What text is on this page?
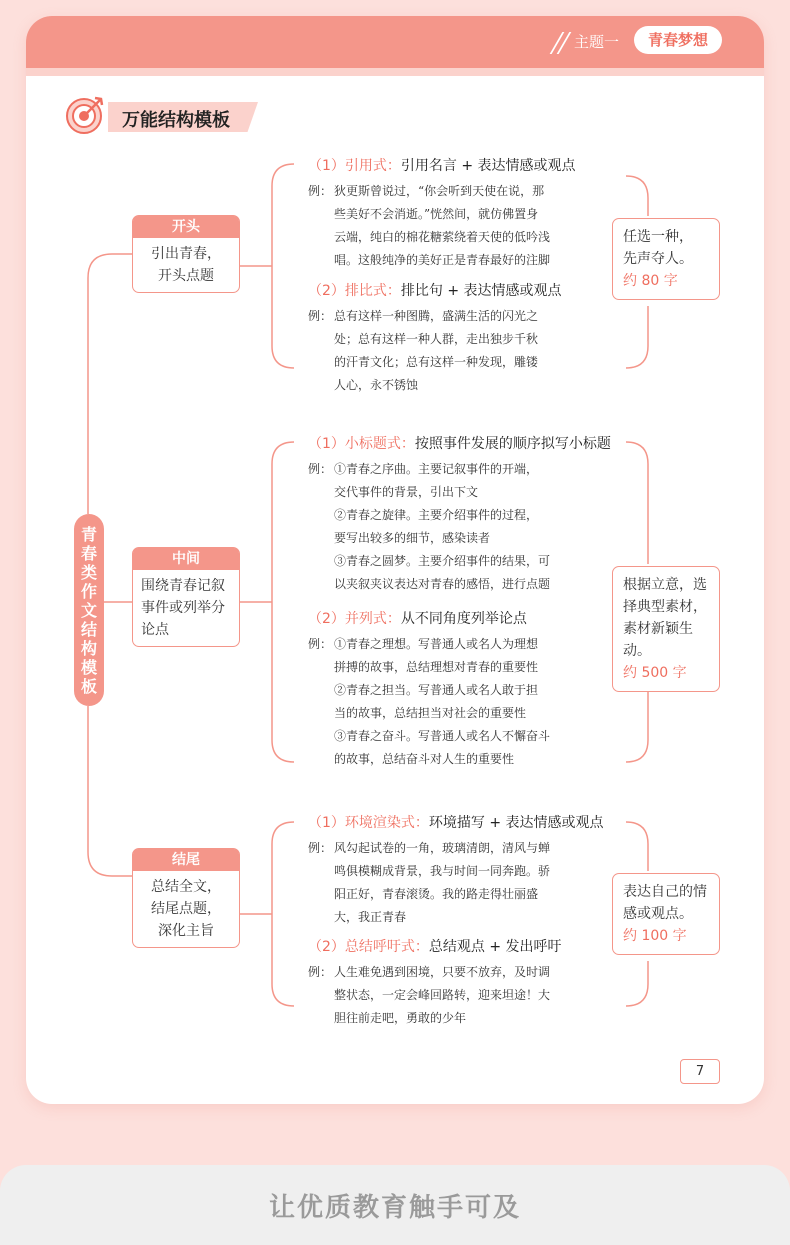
主题一	青春梦想
万能结构模板
青春类作文结构模板
开头
引出青春，
开头点题
（1）引用式：引用名言 + 表达情感或观点
例： 狄更斯曾说过，“你会听到天使在说，那

些美好不会消逝。”恍然间，就仿佛置身

云端，纯白的棉花糖萦绕着天使的低吟浅

唱。这般纯净的美好正是青春最好的注脚

（2）排比式：排比句 + 表达情感或观点
例： 总有这样一种图腾，盛满生活的闪光之

处；总有这样一种人群，走出独步千秋

的汗青文化；总有这样一种发现，雕镂

人心，永不锈蚀

任选一种，
先声夺人。
约 80 字
中间
围绕青春记叙
事件或列举分
论点
（1）小标题式：按照事件发展的顺序拟写小标题
例： ①青春之序曲。主要记叙事件的开端，

交代事件的背景，引出下文

②青春之旋律。主要介绍事件的过程，

要写出较多的细节，感染读者

③青春之圆梦。主要介绍事件的结果，可

以夹叙夹议表达对青春的感悟，进行点题

（2）并列式：从不同角度列举论点
例： ①青春之理想。写普通人或名人为理想

拼搏的故事，总结理想对青春的重要性

②青春之担当。写普通人或名人敢于担

当的故事，总结担当对社会的重要性

③青春之奋斗。写普通人或名人不懈奋斗

的故事，总结奋斗对人生的重要性

根据立意，选
择典型素材，
素材新颖生动。
约 500 字
结尾
总结全文，
结尾点题，
深化主旨
（1）环境渲染式：环境描写 + 表达情感或观点
例： 风勾起试卷的一角，玻璃清朗，清风与蝉

鸣俱模糊成背景，我与时间一同奔跑。骄

阳正好，青春滚烫。我的路走得壮丽盛

大，我正青春

（2）总结呼吁式：总结观点 + 发出呼吁
例： 人生难免遇到困境，只要不放弃，及时调

整状态，一定会峰回路转，迎来坦途！大

胆往前走吧，勇敢的少年

表达自己的情
感或观点。
约 100 字
7
让优质教育触手可及
